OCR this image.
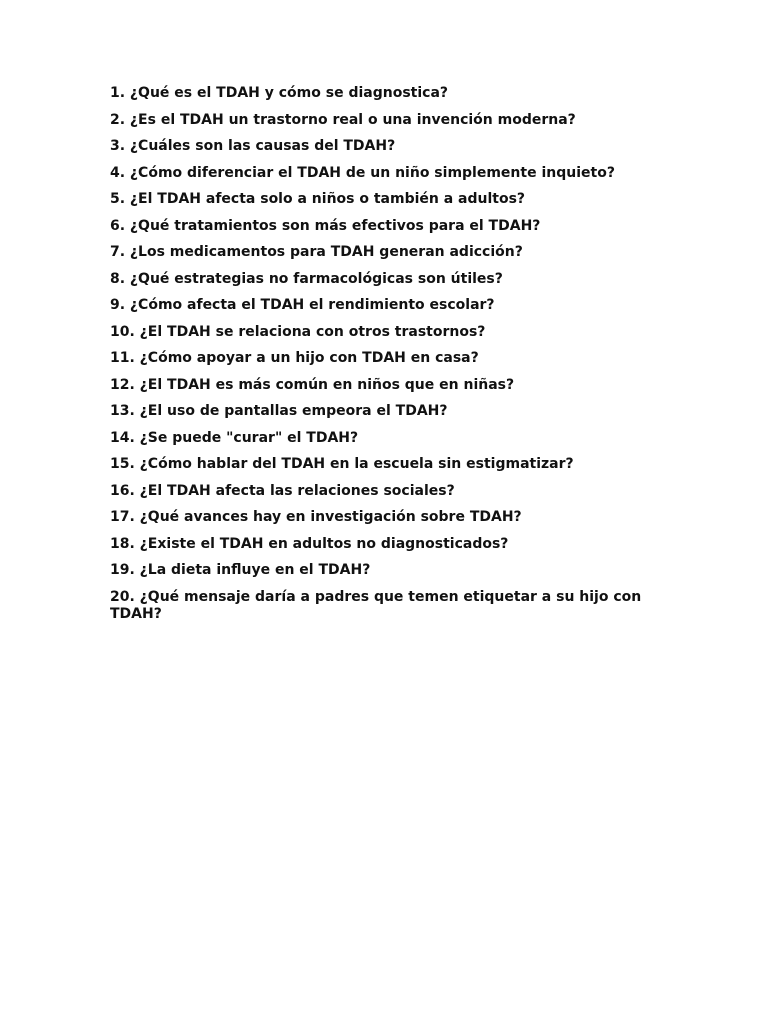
1. ¿Qué es el TDAH y cómo se diagnostica?
2. ¿Es el TDAH un trastorno real o una invención moderna?
3. ¿Cuáles son las causas del TDAH?
4. ¿Cómo diferenciar el TDAH de un niño simplemente inquieto?
5. ¿El TDAH afecta solo a niños o también a adultos?
6. ¿Qué tratamientos son más efectivos para el TDAH?
7. ¿Los medicamentos para TDAH generan adicción?
8. ¿Qué estrategias no farmacológicas son útiles?
9. ¿Cómo afecta el TDAH el rendimiento escolar?
10. ¿El TDAH se relaciona con otros trastornos?
11. ¿Cómo apoyar a un hijo con TDAH en casa?
12. ¿El TDAH es más común en niños que en niñas?
13. ¿El uso de pantallas empeora el TDAH?
14. ¿Se puede "curar" el TDAH?
15. ¿Cómo hablar del TDAH en la escuela sin estigmatizar?
16. ¿El TDAH afecta las relaciones sociales?
17. ¿Qué avances hay en investigación sobre TDAH?
18. ¿Existe el TDAH en adultos no diagnosticados?
19. ¿La dieta influye en el TDAH?
20. ¿Qué mensaje daría a padres que temen etiquetar a su hijo con TDAH?
